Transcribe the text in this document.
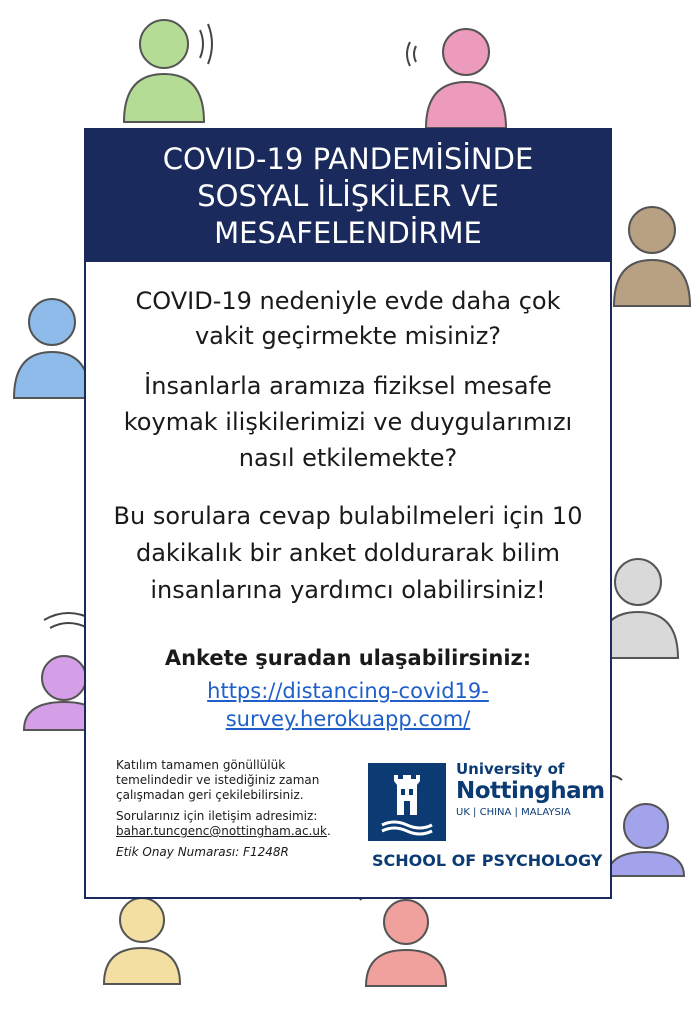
COVID-19 PANDEMİSİNDE
SOSYAL İLİŞKİLER VE
MESAFELENDİRME
COVID-19 nedeniyle evde daha çok
vakit geçirmekte misiniz?
İnsanlarla aramıza fiziksel mesafe
koymak ilişkilerimizi ve duygularımızı
nasıl etkilemekte?
Bu sorulara cevap bulabilmeleri için 10
dakikalık bir anket doldurarak bilim
insanlarına yardımcı olabilirsiniz!
Ankete şuradan ulaşabilirsiniz:
https://distancing-covid19-
survey.herokuapp.com/
Katılım tamamen gönüllülük
temelindedir ve istediğiniz zaman
çalışmadan geri çekilebilirsiniz.
Sorularınız için iletişim adresimiz:
bahar.tuncgenc@nottingham.ac.uk.
Etik Onay Numarası: F1248R
University of
Nottingham
UK | CHINA | MALAYSIA
SCHOOL OF PSYCHOLOGY
